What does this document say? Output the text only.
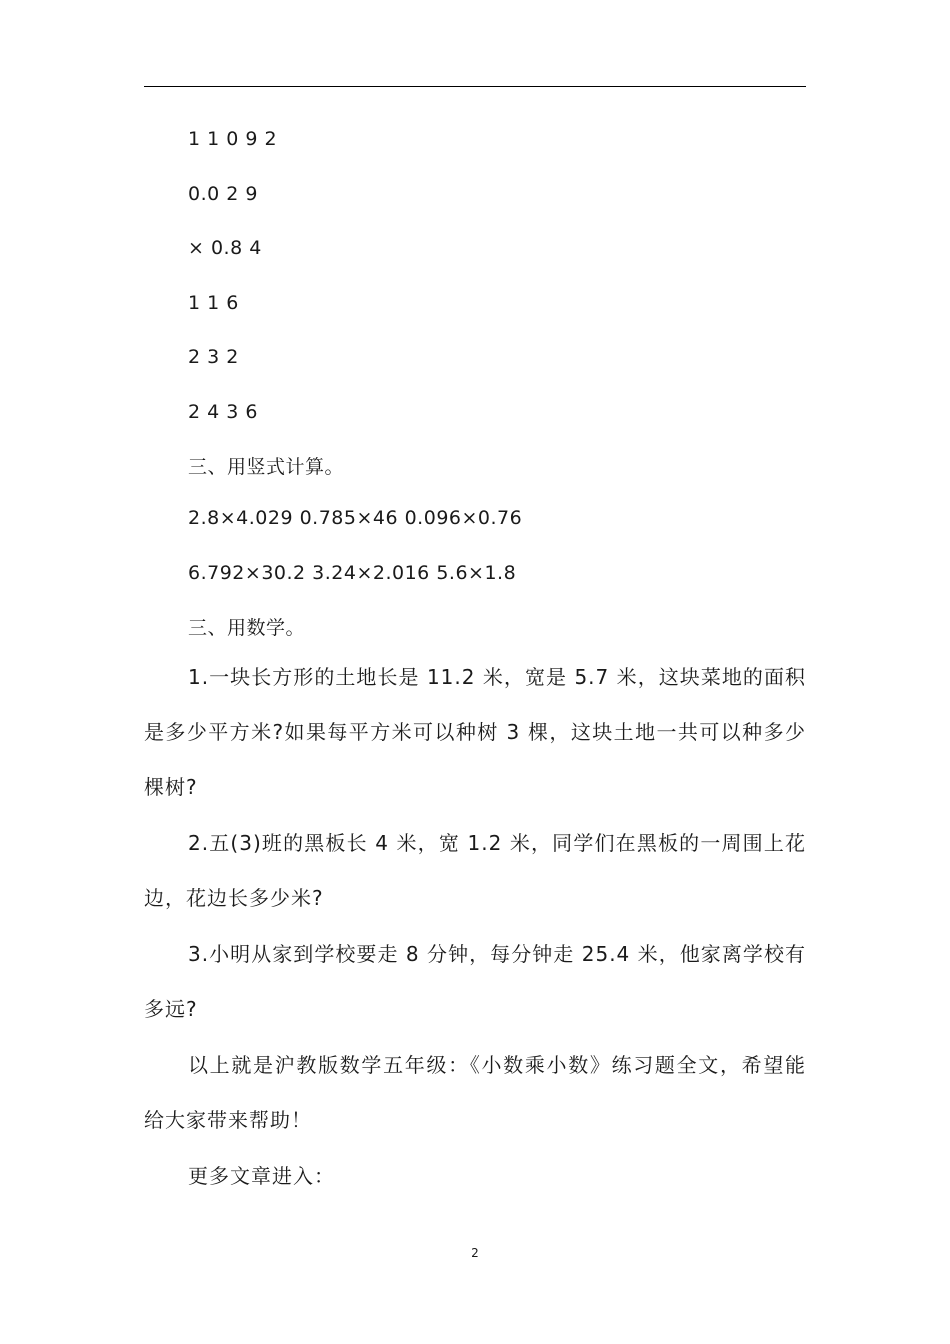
1 1 0 9 2
0.0 2 9
× 0.8 4
1 1 6
2 3 2
2 4 3 6
三、用竖式计算。
2.8×4.029 0.785×46 0.096×0.76
6.792×30.2 3.24×2.016 5.6×1.8
三、用数学。
1.一块长方形的土地长是 11.2 米，宽是 5.7 米，这块菜地的面积是多少平方米?如果每平方米可以种树 3 棵，这块土地一共可以种多少棵树?
2.五(3)班的黑板长 4 米，宽 1.2 米，同学们在黑板的一周围上花边，花边长多少米?
3.小明从家到学校要走 8 分钟，每分钟走 25.4 米，他家离学校有多远?
以上就是沪教版数学五年级：《小数乘小数》练习题全文，希望能给大家带来帮助！
更多文章进入：
2
